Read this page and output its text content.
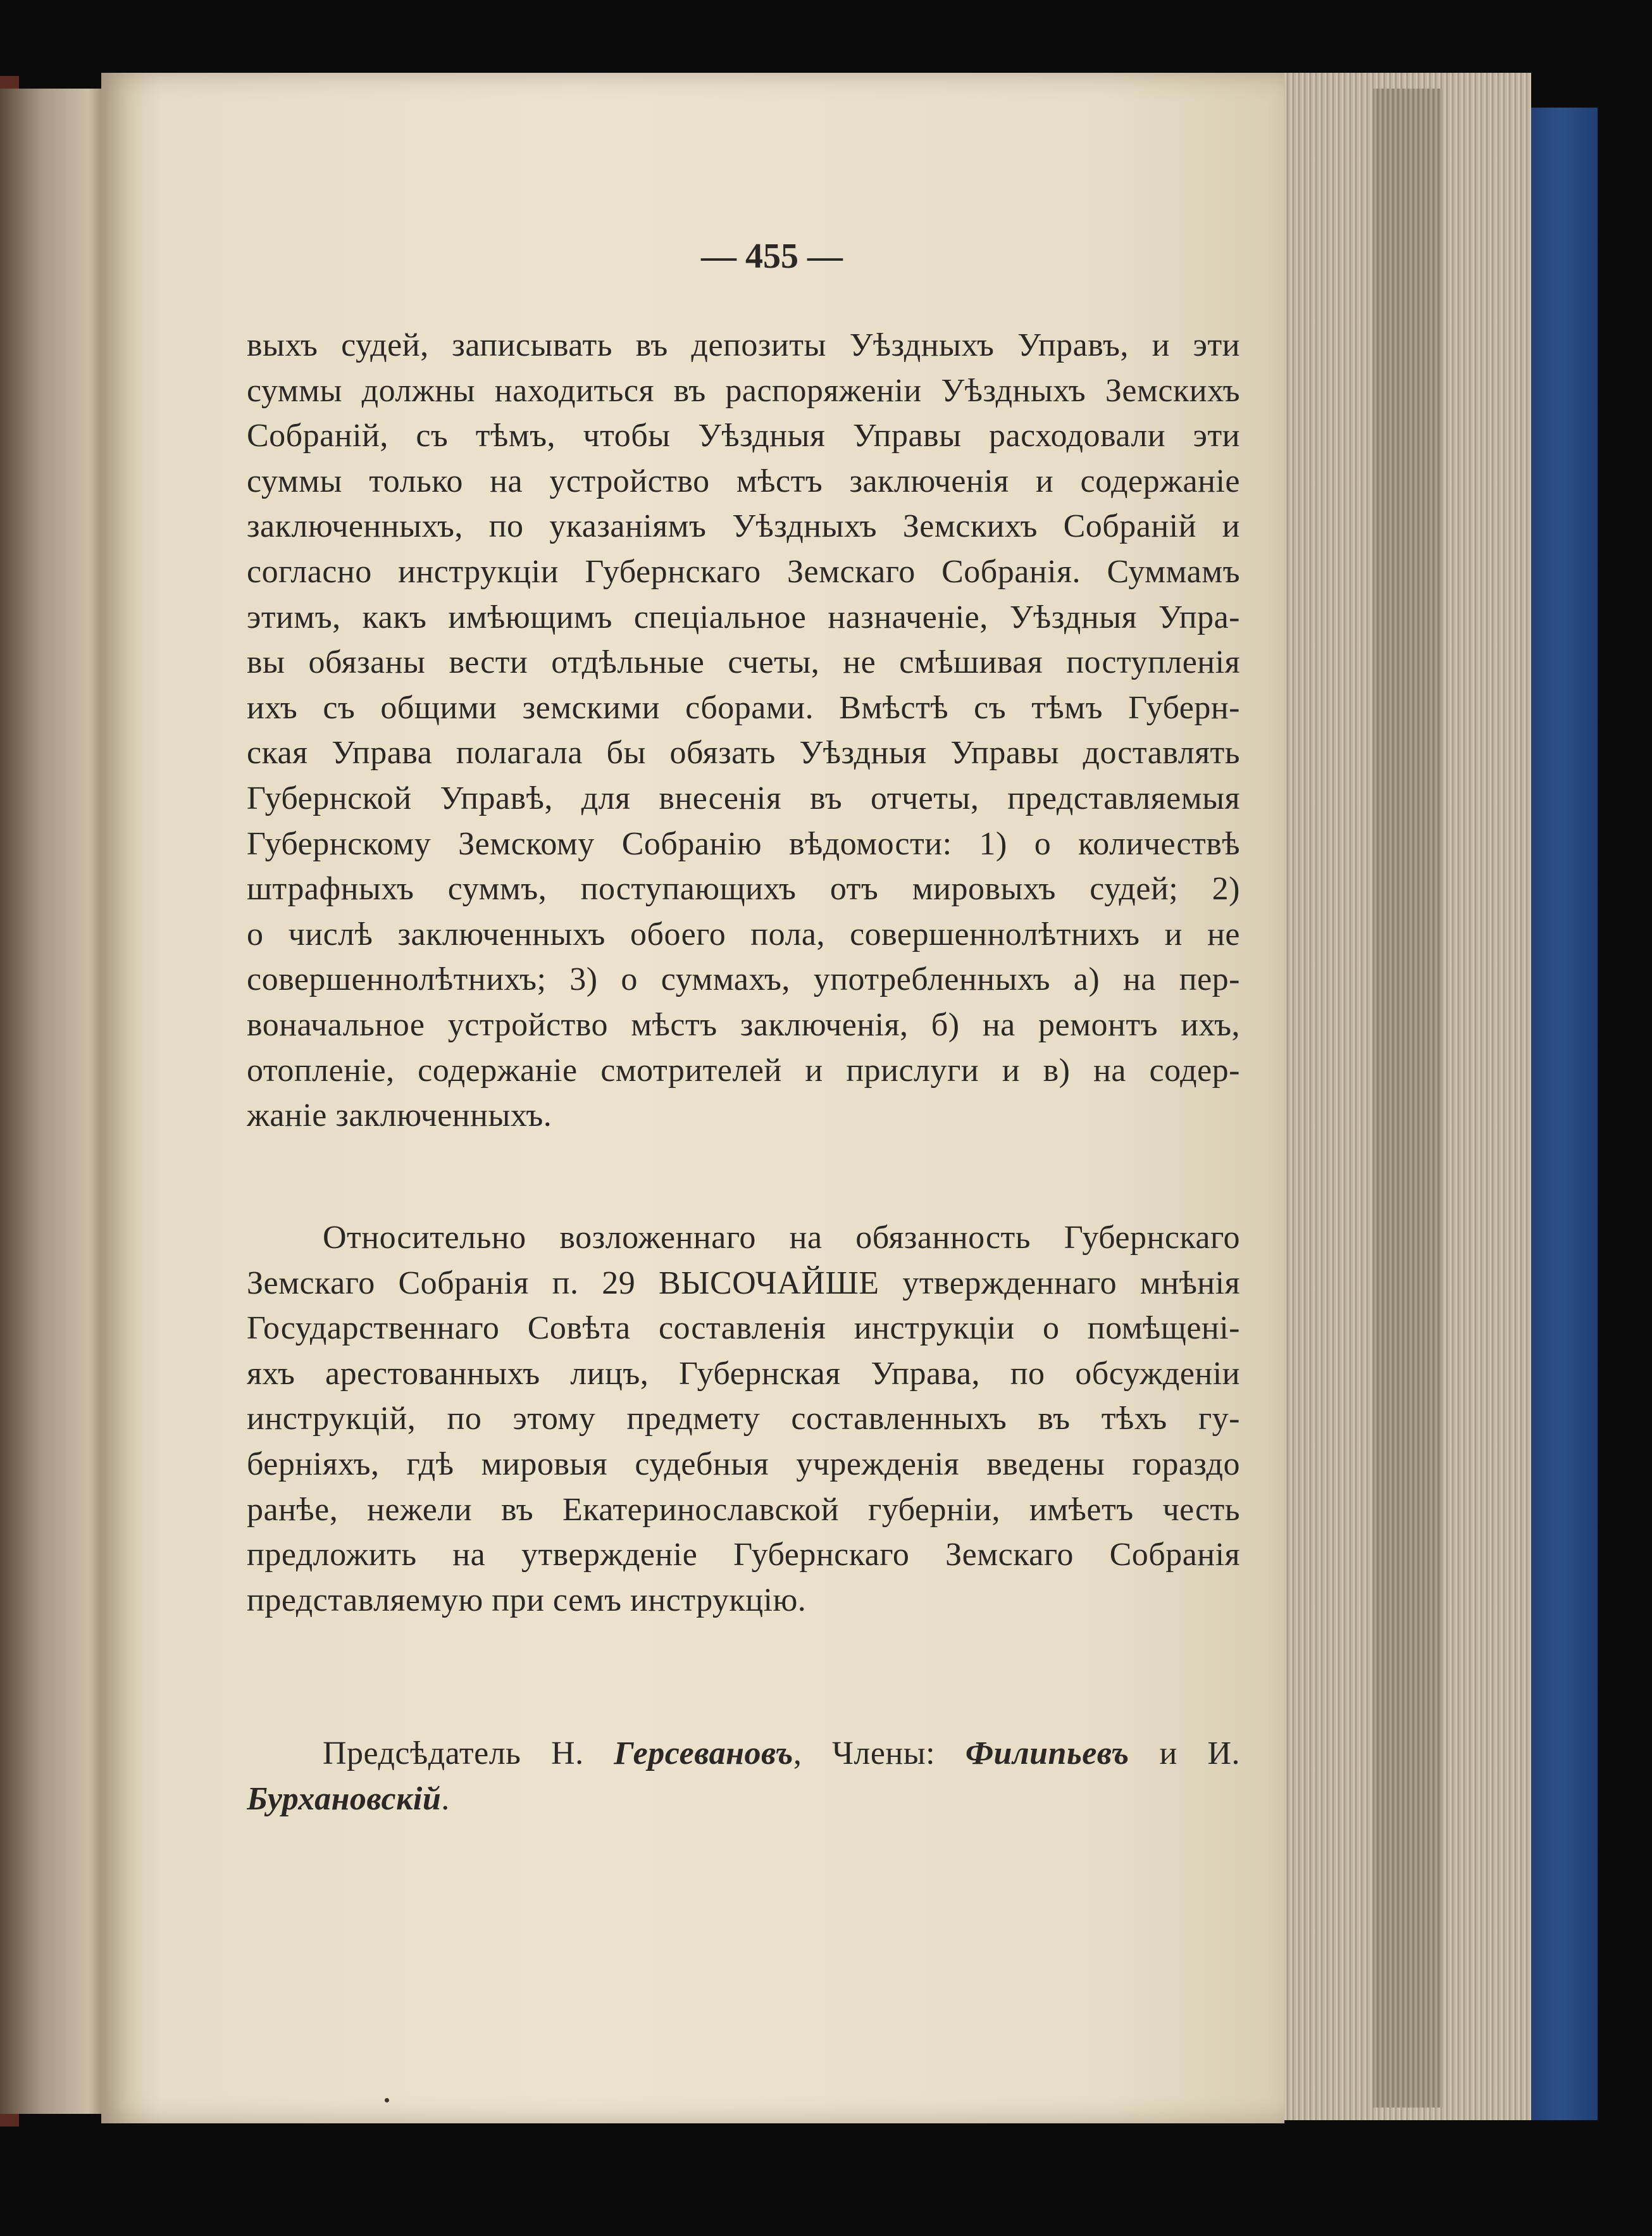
— 455 —
выхъ судей, записывать въ депозиты Уѣздныхъ Управъ, и эти
суммы должны находиться въ распоряженіи Уѣздныхъ Земскихъ
Собраній, съ тѣмъ, чтобы Уѣздныя Управы расходовали эти
суммы только на устройство мѣстъ заключенія и содержаніе
заключенныхъ, по указаніямъ Уѣздныхъ Земскихъ Собраній и
согласно инструкціи Губернскаго Земскаго Собранія. Суммамъ
этимъ, какъ имѣющимъ спеціальное назначеніе, Уѣздныя Упра-
вы обязаны вести отдѣльные счеты, не смѣшивая поступленія
ихъ съ общими земскими сборами. Вмѣстѣ съ тѣмъ Губерн-
ская Управа полагала бы обязать Уѣздныя Управы доставлять
Губернской Управѣ, для внесенія въ отчеты, представляемыя
Губернскому Земскому Собранію вѣдомости: 1) о количествѣ
штрафныхъ суммъ, поступающихъ отъ мировыхъ судей; 2)
о числѣ заключенныхъ обоего пола, совершеннолѣтнихъ и не
совершеннолѣтнихъ; 3) о суммахъ, употребленныхъ а) на пер-
воначальное устройство мѣстъ заключенія, б) на ремонтъ ихъ,
отопленіе, содержаніе смотрителей и прислуги и в) на содер-
жаніе заключенныхъ.
Относительно возложеннаго на обязанность Губернскаго
Земскаго Собранія п. 29 ВЫСОЧАЙШЕ утвержденнаго мнѣнія
Государственнаго Совѣта составленія инструкціи о помѣщені-
яхъ арестованныхъ лицъ, Губернская Управа, по обсужденіи
инструкцій, по этому предмету составленныхъ въ тѣхъ гу-
берніяхъ, гдѣ мировыя судебныя учрежденія введены гораздо
ранѣе, нежели въ Екатеринославской губерніи, имѣетъ честь
предложить на утвержденіе Губернскаго Земскаго Собранія
представляемую при семъ инструкцію.
Предсѣдатель Н. Герсевановъ, Члены: Филипьевъ и И.
Бурхановскій.
